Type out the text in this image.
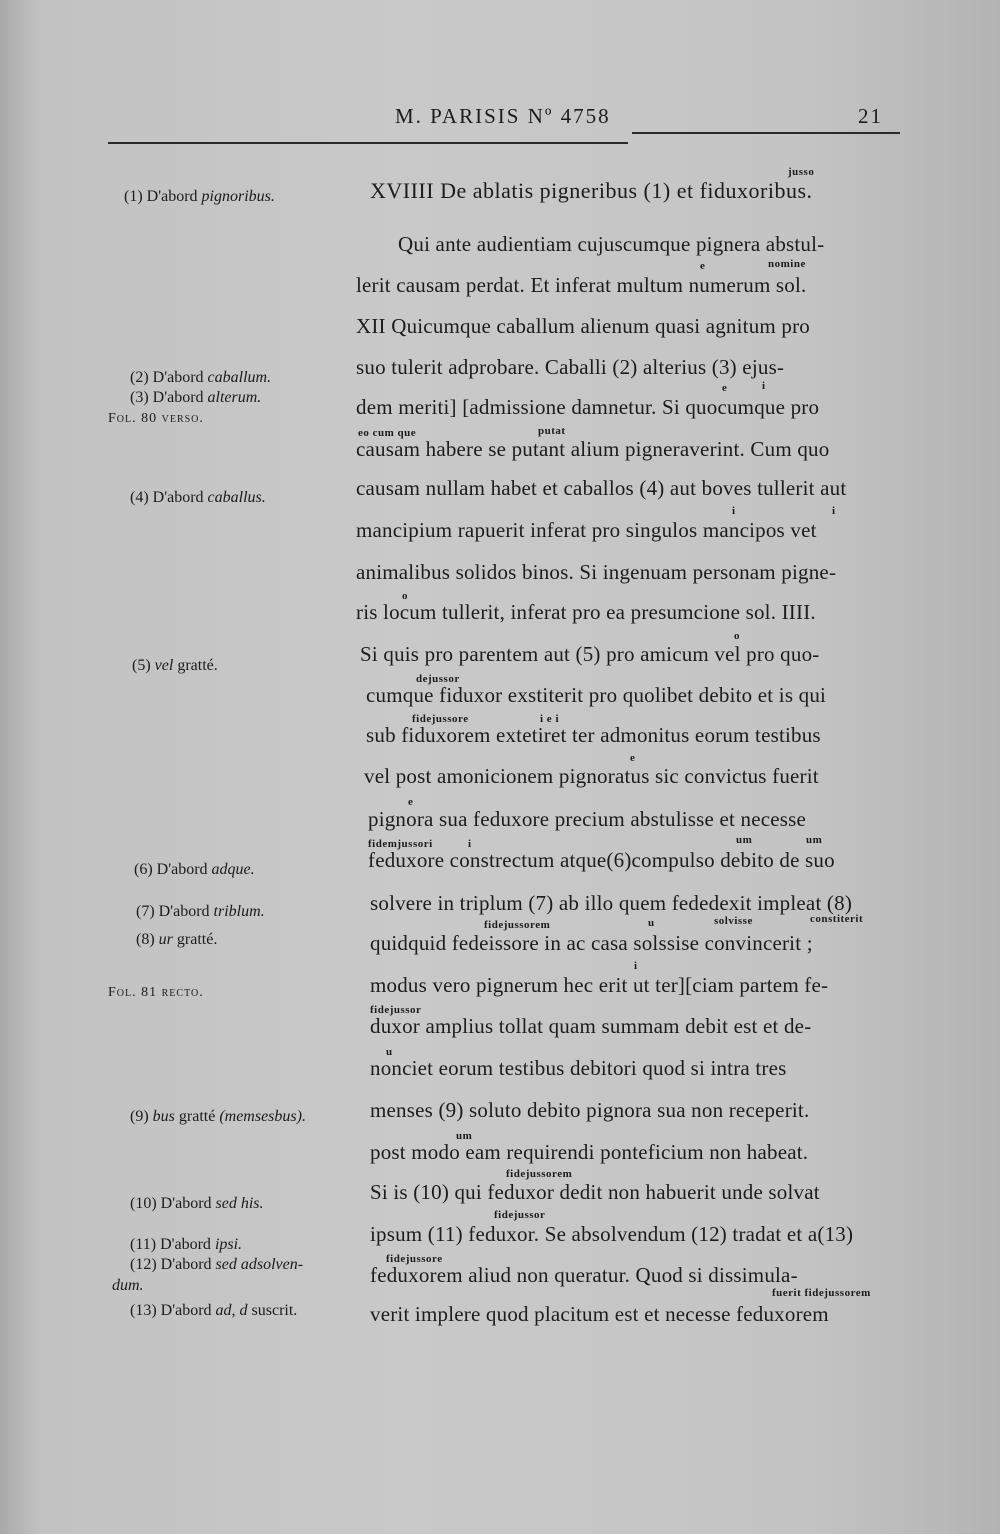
M. PARISIS Nº 4758	21
jusso
XVIIII De ablatis pigneribus (1) et fiduxoribus.
Qui ante audientiam cujuscumque pignera abstul-
e	nomine
lerit causam perdat. Et inferat multum numerum sol.
XII Quicumque caballum alienum quasi agnitum pro
suo tulerit adprobare. Caballi (2) alterius (3) ejus-
e	i
dem meriti] [admissione damnetur. Si quocumque pro
eo cum que	putat
causam habere se putant alium pigneraverint. Cum quo
causam nullam habet et caballos (4) aut boves tullerit aut
i	i
mancipium rapuerit inferat pro singulos mancipos vet
animalibus solidos binos. Si ingenuam personam pigne-
o
ris locum tullerit, inferat pro ea presumcione sol. IIII.
o
Si quis pro parentem aut (5) pro amicum vel pro quo-
dejussor
cumque fiduxor exstiterit pro quolibet debito et is qui
fidejussore	i e i
sub fiduxorem extetiret ter admonitus eorum testibus
e
vel post amonicionem pignoratus sic convictus fuerit
e
pignora sua feduxore precium abstulisse et necesse
fidemjussori	i	um	um
feduxore constrectum atque(6)compulso debito de suo
solvere in triplum (7) ab illo quem fededexit impleat (8)
fidejussorem	u	solvisse	constiterit
quidquid fedeissore in ac casa solssise convincerit ;
i
modus vero pignerum hec erit ut ter][ciam partem fe-
fidejussor
duxor amplius tollat quam summam debit est et de-
u
nonciet eorum testibus debitori quod si intra tres
menses (9) soluto debito pignora sua non receperit.
um
post modo eam requirendi ponteficium non habeat.
fidejussorem
Si is (10) qui feduxor dedit non habuerit unde solvat
fidejussor
ipsum (11) feduxor. Se absolvendum (12) tradat et a(13)
fidejussore
feduxorem aliud non queratur. Quod si dissimula-
fuerit fidejussorem
verit implere quod placitum est et necesse feduxorem
(1) D'abord pignoribus.
(2) D'abord caballum.
(3) D'abord alterum.
Fol. 80 verso.
(4) D'abord caballus.
(5) vel gratté.
(6) D'abord adque.
(7) D'abord triblum.
(8) ur gratté.
Fol. 81 recto.
(9) bus gratté (memsesbus).
(10) D'abord sed his.
(11) D'abord ipsi.
(12) D'abord sed adsolven-
dum.
(13) D'abord ad, d suscrit.
